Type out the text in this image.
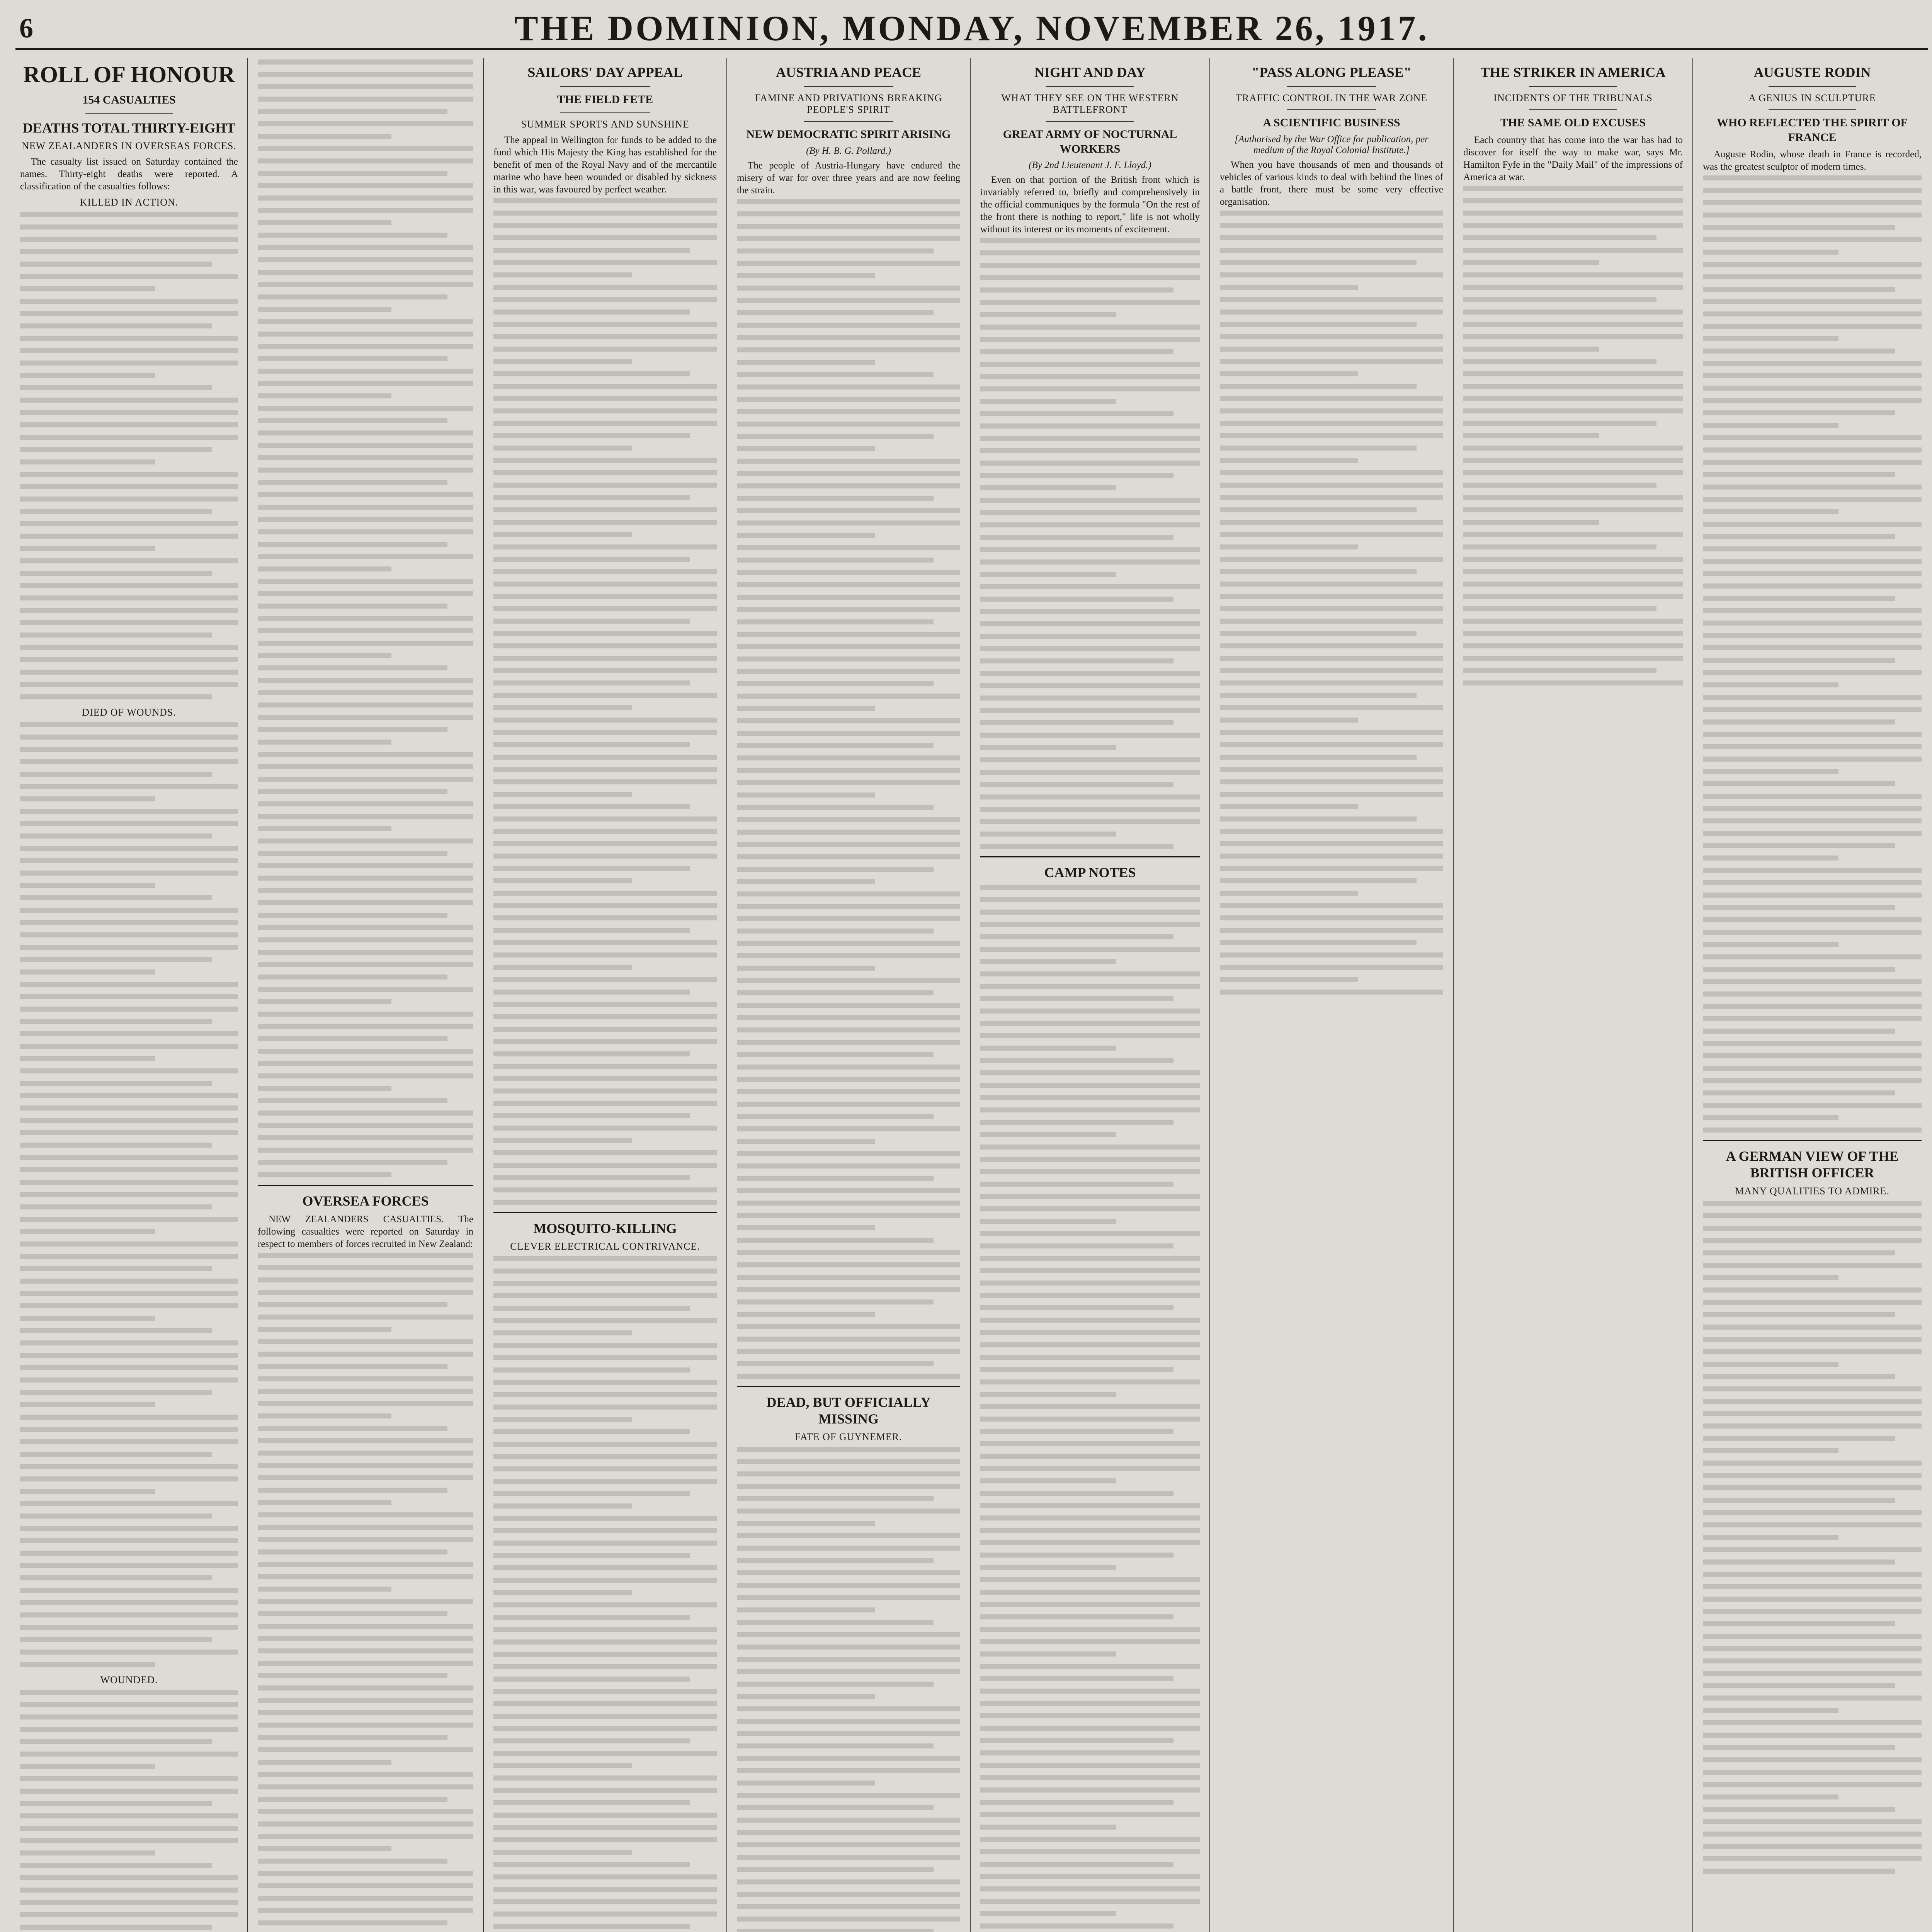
6	THE DOMINION, MONDAY, NOVEMBER 26, 1917.
ROLL OF HONOUR
154 CASUALTIES
DEATHS TOTAL THIRTY-EIGHT
NEW ZEALANDERS IN OVERSEAS FORCES.

The casualty list issued on Saturday contained the names. Thirty-eight deaths were reported. A classification of the casualties follows:

KILLED IN ACTION.
DIED OF WOUNDS.
WOUNDED.
OVERSEA FORCES

NEW ZEALANDERS CASUALTIES. The following casualties were reported on Saturday in respect to members of forces recruited in New Zealand:

SAILORS' DAY APPEAL
THE FIELD FETE
SUMMER SPORTS AND SUNSHINE

The appeal in Wellington for funds to be added to the fund which His Majesty the King has established for the benefit of men of the Royal Navy and of the mercantile marine who have been wounded or disabled by sickness in this war, was favoured by perfect weather.

MOSQUITO-KILLING
CLEVER ELECTRICAL CONTRIVANCE.
AUSTRIA AND PEACE
FAMINE AND PRIVATIONS BREAKING PEOPLE'S SPIRIT
NEW DEMOCRATIC SPIRIT ARISING
(By H. B. G. Pollard.)

The people of Austria-Hungary have endured the misery of war for over three years and are now feeling the strain.

DEAD, BUT OFFICIALLY MISSING
FATE OF GUYNEMER.
NIGHT AND DAY
WHAT THEY SEE ON THE WESTERN BATTLEFRONT
GREAT ARMY OF NOCTURNAL WORKERS
(By 2nd Lieutenant J. F. Lloyd.)

Even on that portion of the British front which is invariably referred to, briefly and comprehensively in the official communiques by the formula "On the rest of the front there is nothing to report," life is not wholly without its interest or its moments of excitement.

CAMP NOTES
"PASS ALONG PLEASE"
TRAFFIC CONTROL IN THE WAR ZONE
A SCIENTIFIC BUSINESS
[Authorised by the War Office for publication, per medium of the Royal Colonial Institute.]

When you have thousands of men and thousands of vehicles of various kinds to deal with behind the lines of a battle front, there must be some very effective organisation.

THE STRIKER IN AMERICA
INCIDENTS OF THE TRIBUNALS
THE SAME OLD EXCUSES

Each country that has come into the war has had to discover for itself the way to make war, says Mr. Hamilton Fyfe in the "Daily Mail" of the impressions of America at war.

AUGUSTE RODIN
A GENIUS IN SCULPTURE
WHO REFLECTED THE SPIRIT OF FRANCE

Auguste Rodin, whose death in France is recorded, was the greatest sculptor of modern times.

A GERMAN VIEW OF THE BRITISH OFFICER
MANY QUALITIES TO ADMIRE.
